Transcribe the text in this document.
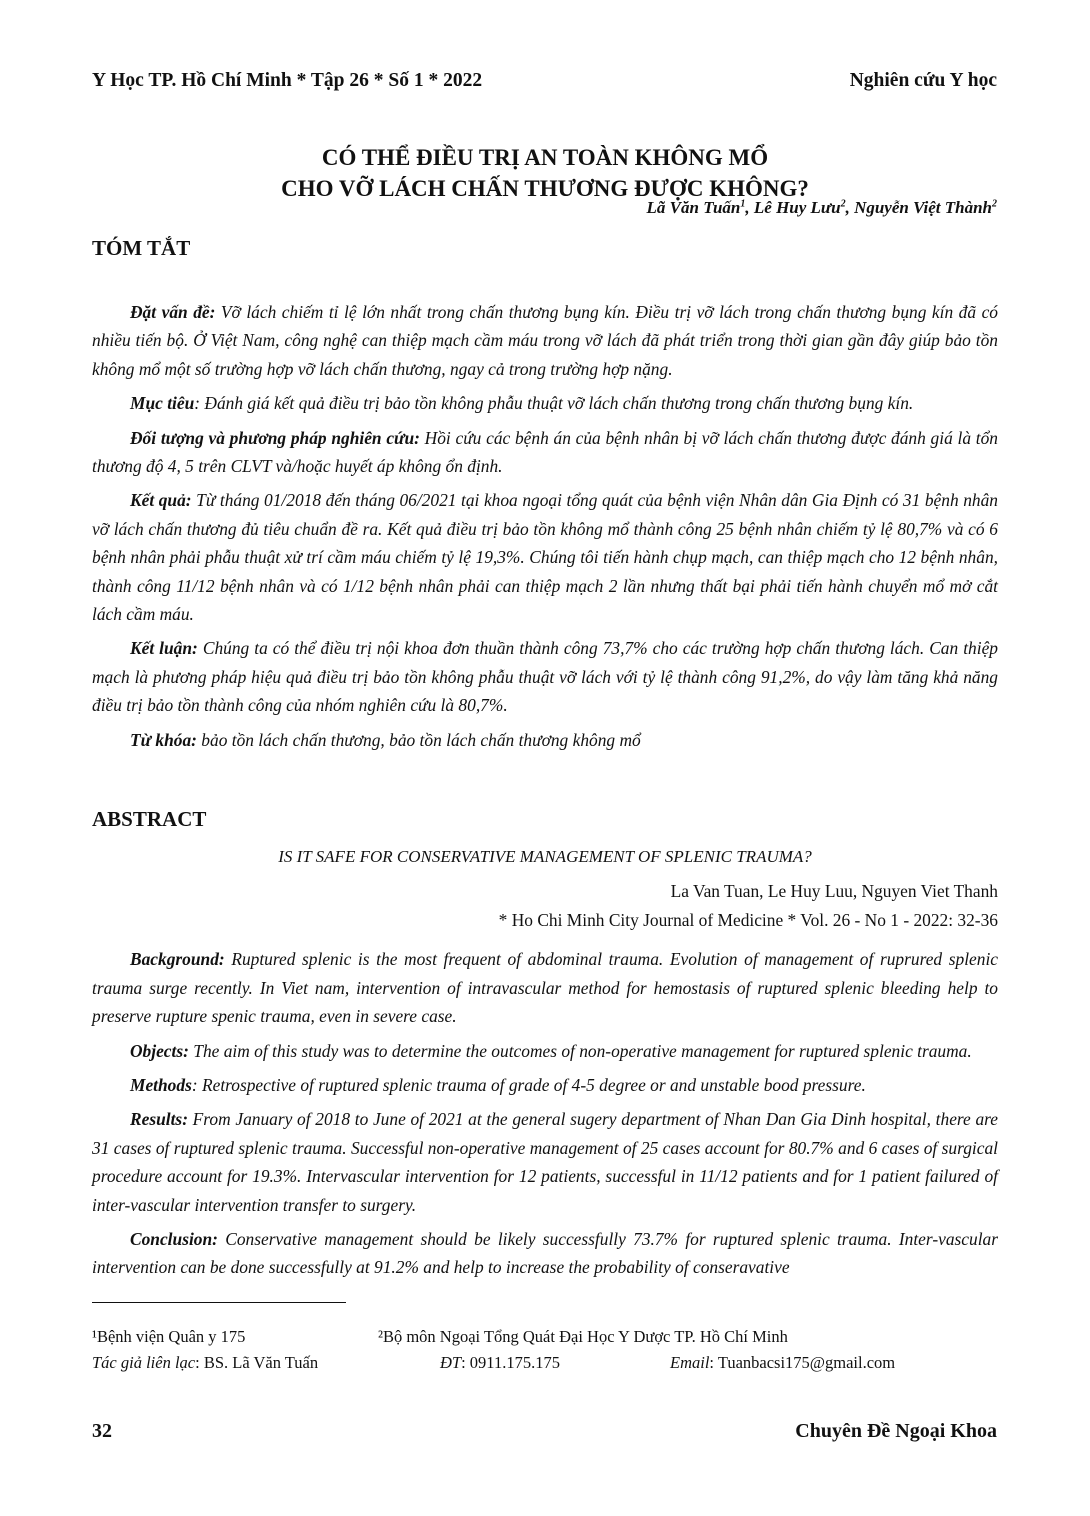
Y Học TP. Hồ Chí Minh * Tập 26 * Số 1 * 2022	Nghiên cứu Y học
CÓ THỂ ĐIỀU TRỊ AN TOÀN KHÔNG MỔ
CHO VỠ LÁCH CHẤN THƯƠNG ĐƯỢC KHÔNG?
Lã Văn Tuấn$^1$, Lê Huy Lưu$^2$, Nguyễn Việt Thành$^2$
TÓM TẮT

Đặt vấn đề: Vỡ lách chiếm tỉ lệ lớn nhất trong chấn thương bụng kín. Điều trị vỡ lách trong chấn thương bụng kín đã có nhiều tiến bộ. Ở Việt Nam, công nghệ can thiệp mạch cầm máu trong vỡ lách đã phát triển trong thời gian gần đây giúp bảo tồn không mổ một số trường hợp vỡ lách chấn thương, ngay cả trong trường hợp nặng.

Mục tiêu: Đánh giá kết quả điều trị bảo tồn không phẫu thuật vỡ lách chấn thương trong chấn thương bụng kín.

Đối tượng và phương pháp nghiên cứu: Hồi cứu các bệnh án của bệnh nhân bị vỡ lách chấn thương được đánh giá là tổn thương độ 4, 5 trên CLVT và/hoặc huyết áp không ổn định.

Kết quả: Từ tháng 01/2018 đến tháng 06/2021 tại khoa ngoại tổng quát của bệnh viện Nhân dân Gia Định có 31 bệnh nhân vỡ lách chấn thương đủ tiêu chuẩn đề ra. Kết quả điều trị bảo tồn không mổ thành công 25 bệnh nhân chiếm tỷ lệ 80,7% và có 6 bệnh nhân phải phẫu thuật xử trí cầm máu chiếm tỷ lệ 19,3%. Chúng tôi tiến hành chụp mạch, can thiệp mạch cho 12 bệnh nhân, thành công 11/12 bệnh nhân và có 1/12 bệnh nhân phải can thiệp mạch 2 lần nhưng thất bại phải tiến hành chuyển mổ mở cắt lách cầm máu.

Kết luận: Chúng ta có thể điều trị nội khoa đơn thuần thành công 73,7% cho các trường hợp chấn thương lách. Can thiệp mạch là phương pháp hiệu quả điều trị bảo tồn không phẫu thuật vỡ lách với tỷ lệ thành công 91,2%, do vậy làm tăng khả năng điều trị bảo tồn thành công của nhóm nghiên cứu là 80,7%.

Từ khóa: bảo tồn lách chấn thương, bảo tồn lách chấn thương không mổ

ABSTRACT
IS IT SAFE FOR CONSERVATIVE MANAGEMENT OF SPLENIC TRAUMA?
La Van Tuan, Le Huy Luu, Nguyen Viet Thanh
* Ho Chi Minh City Journal of Medicine * Vol. 26 - No 1 - 2022: 32-36

Background: Ruptured splenic is the most frequent of abdominal trauma. Evolution of management of ruprured splenic trauma surge recently. In Viet nam, intervention of intravascular method for hemostasis of ruptured splenic bleeding help to preserve rupture spenic trauma, even in severe case.

Objects: The aim of this study was to determine the outcomes of non-operative management for ruptured splenic trauma.

Methods: Retrospective of ruptured splenic trauma of grade of 4-5 degree or and unstable bood pressure.

Results: From January of 2018 to June of 2021 at the general sugery department of Nhan Dan Gia Dinh hospital, there are 31 cases of ruptured splenic trauma. Successful non-operative management of 25 cases account for 80.7% and 6 cases of surgical procedure account for 19.3%. Intervascular intervention for 12 patients, successful in 11/12 patients and for 1 patient failured of inter-vascular intervention transfer to surgery.

Conclusion: Conservative management should be likely successfully 73.7% for ruptured splenic trauma. Inter-vascular intervention can be done successfully at 91.2% and help to increase the probability of conseravative

¹Bệnh viện Quân y 175	²Bộ môn Ngoại Tổng Quát Đại Học Y Dược TP. Hồ Chí Minh
Tác giả liên lạc: BS. Lã Văn Tuấn	ĐT: 0911.175.175	Email: Tuanbacsi175@gmail.com
32	Chuyên Đề Ngoại Khoa
